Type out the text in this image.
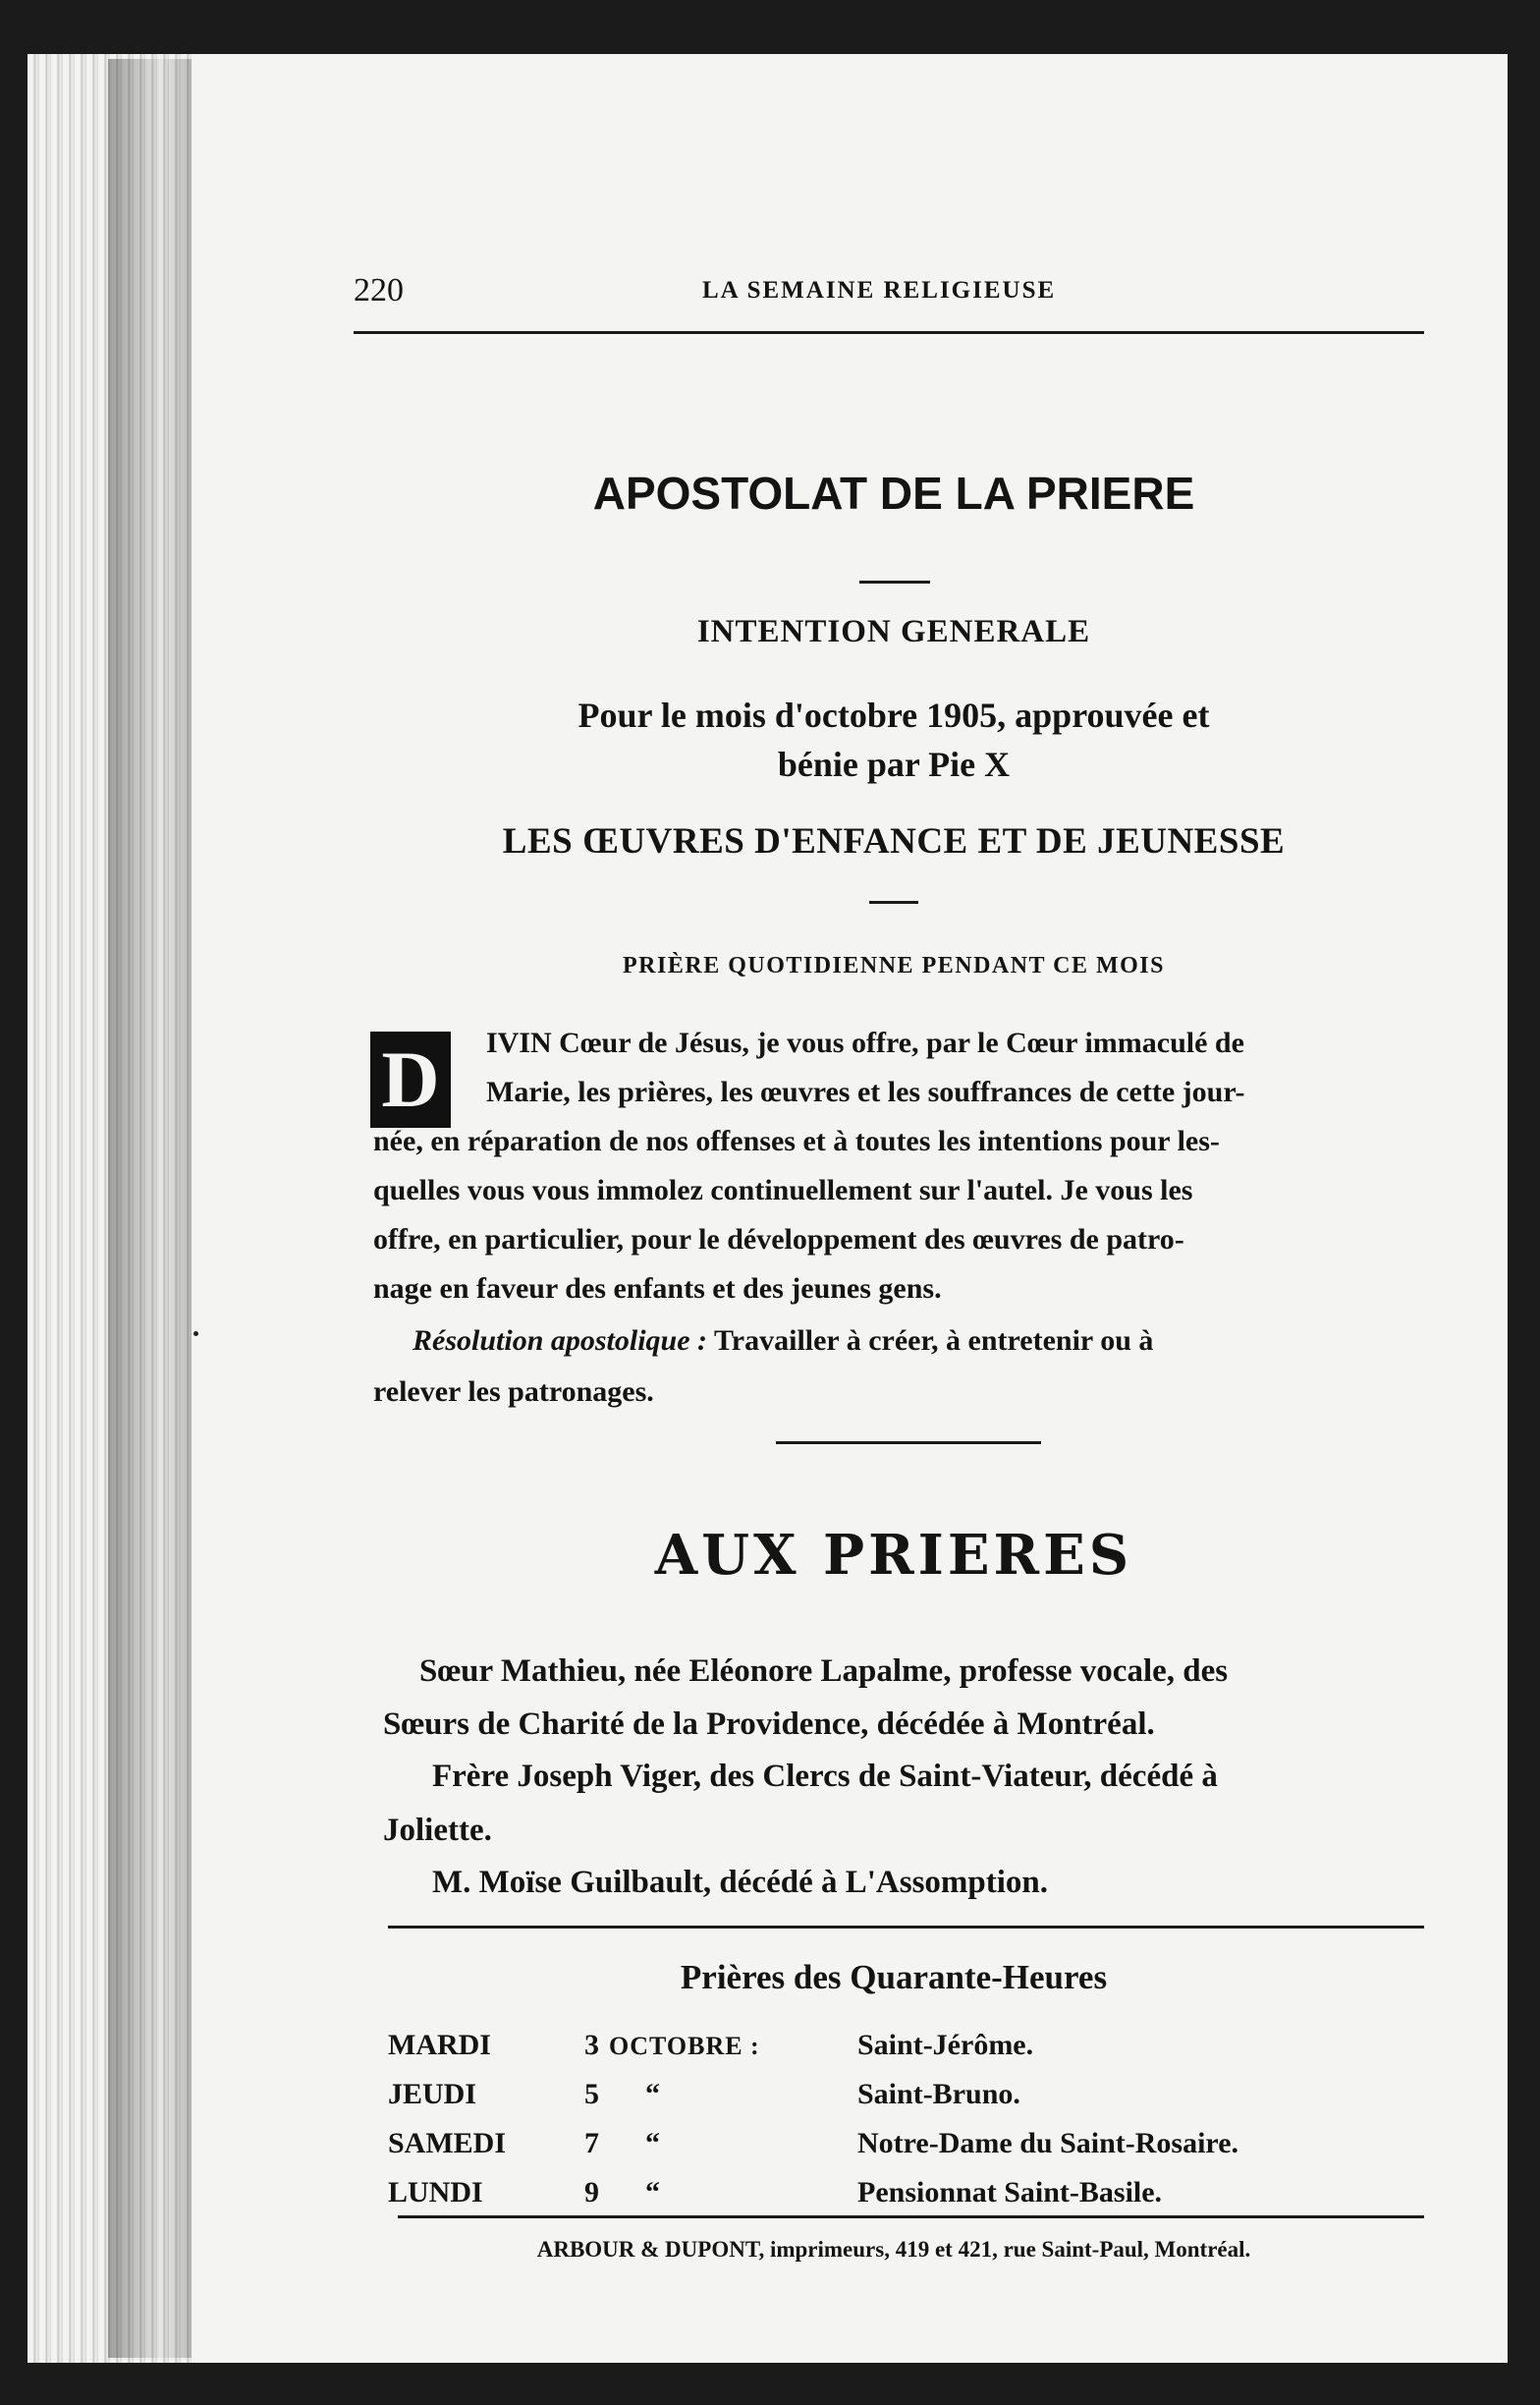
220	LA SEMAINE RELIGIEUSE
APOSTOLAT DE LA PRIERE
INTENTION GENERALE
Pour le mois d'octobre 1905, approuvée et
bénie par Pie X
LES ŒUVRES D'ENFANCE ET DE JEUNESSE
PRIÈRE QUOTIDIENNE PENDANT CE MOIS
D	IVIN Cœur de Jésus, je vous offre, par le Cœur immaculé de
Marie, les prières, les œuvres et les souffrances de cette jour-
née, en réparation de nos offenses et à toutes les intentions pour les-
quelles vous vous immolez continuellement sur l'autel. Je vous les
offre, en particulier, pour le développement des œuvres de patro-
nage en faveur des enfants et des jeunes gens.
Résolution apostolique : Travailler à créer, à entretenir ou à
relever les patronages.
AUX PRIERES
Sœur Mathieu, née Eléonore Lapalme, professe vocale, des
Sœurs de Charité de la Providence, décédée à Montréal.
Frère Joseph Viger, des Clercs de Saint-Viateur, décédé à
Joliette.
M. Moïse Guilbault, décédé à L'Assomption.
Prières des Quarante-Heures
MARDI	3 OCTOBRE :	Saint-Jérôme.
JEUDI	5 “	Saint-Bruno.
SAMEDI	7 “	Notre-Dame du Saint-Rosaire.
LUNDI	9 “	Pensionnat Saint-Basile.
ARBOUR & DUPONT, imprimeurs, 419 et 421, rue Saint-Paul, Montréal.
